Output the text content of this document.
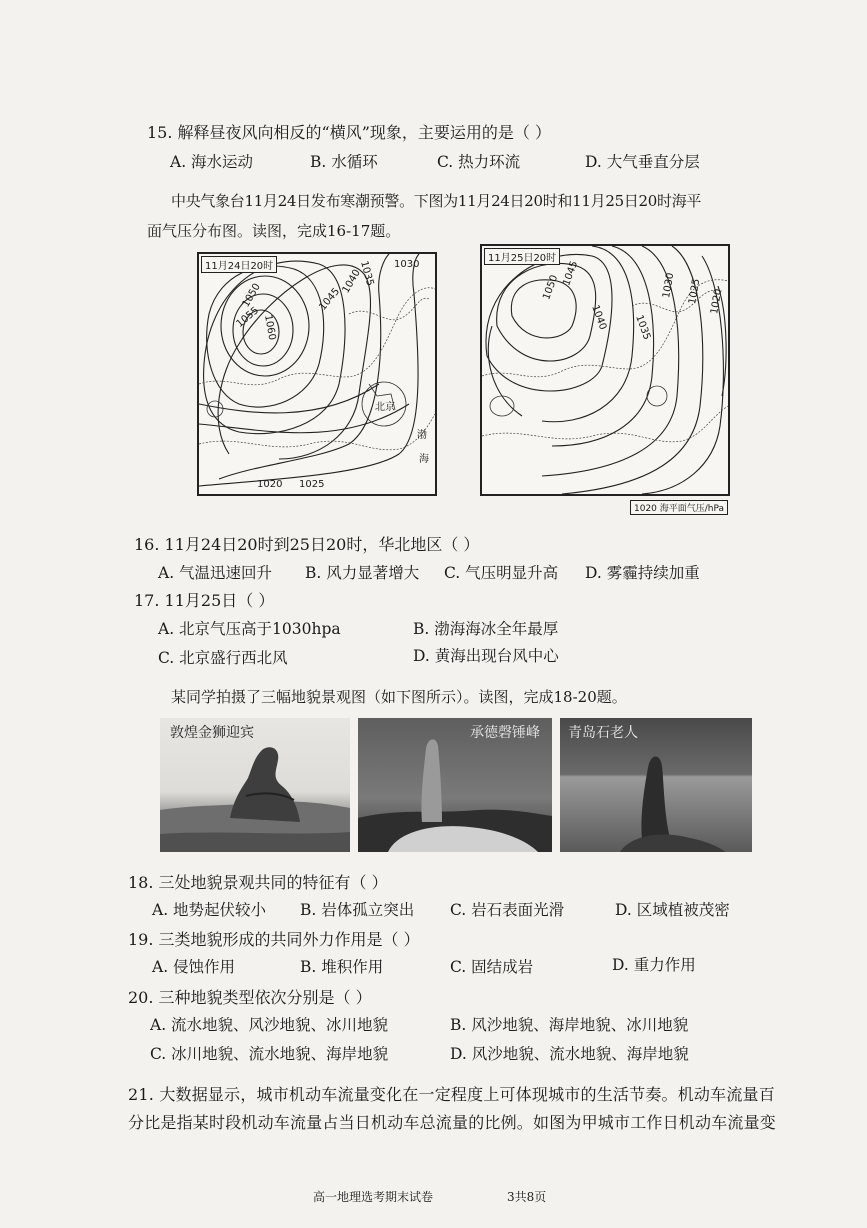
15. 解释昼夜风向相反的“横风”现象，主要运用的是（ ）
A. 海水运动	B. 水循环	C. 热力环流	D. 大气垂直分层
中央气象台11月24日发布寒潮预警。下图为11月24日20时和11月25日20时海平
面气压分布图。读图，完成16-17题。
11月24日20时
1060
1055
1050	1045
1040
1035 1030
1020 1025
北京
渤
海
11月25日20时
1045
1050
1040 1035
1030 1025 1020
1020 海平面气压/hPa
16. 11月24日20时到25日20时，华北地区（ ）
A. 气温迅速回升 B. 风力显著增大 C. 气压明显升高 D. 雾霾持续加重
17. 11月25日（ ）
A. 北京气压高于1030hpa	B. 渤海海冰全年最厚
C. 北京盛行西北风	D. 黄海出现台风中心
某同学拍摄了三幅地貌景观图（如下图所示）。读图，完成18-20题。
敦煌金狮迎宾	承德磬锤峰 青岛石老人
18. 三处地貌景观共同的特征有（ ）
A. 地势起伏较小 B. 岩体孤立突出 C. 岩石表面光滑	D. 区域植被茂密
19. 三类地貌形成的共同外力作用是（ ）
A. 侵蚀作用	B. 堆积作用	C. 固结成岩	D. 重力作用
20. 三种地貌类型依次分别是（ ）
A. 流水地貌、风沙地貌、冰川地貌	B. 风沙地貌、海岸地貌、冰川地貌
C. 冰川地貌、流水地貌、海岸地貌	D. 风沙地貌、流水地貌、海岸地貌
21. 大数据显示，城市机动车流量变化在一定程度上可体现城市的生活节奏。机动车流量百
分比是指某时段机动车流量占当日机动车总流量的比例。如图为甲城市工作日机动车流量变
高一地理选考期末试卷	3共8页
